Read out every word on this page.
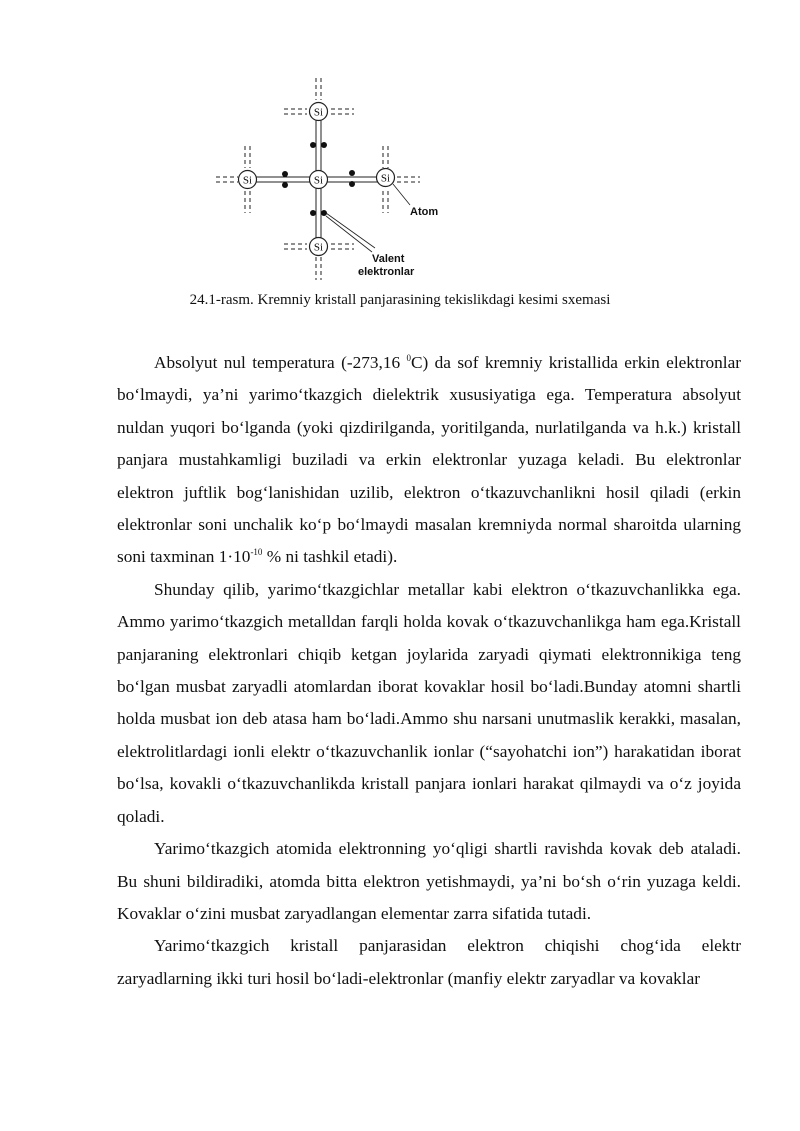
Si
Si	Si	Si
Si
Atom
Valent
elektronlar
24.1-rasm. Kremniy kristall panjarasining tekislikdagi kesimi sxemasi

Absolyut nul temperatura (-273,16 $^0$C) da sof kremniy kristallida erkin elektronlar bo‘lmaydi, ya’ni yarimo‘tkazgich dielektrik xususiyatiga ega. Temperatura absolyut nuldan yuqori bo‘lganda (yoki qizdirilganda, yoritilganda, nurlatilganda va h.k.) kristall panjara mustahkamligi buziladi va erkin elektronlar yuzaga keladi. Bu elektronlar elektron juftlik bog‘lanishidan uzilib, elektron o‘tkazuvchanlikni hosil qiladi (erkin elektronlar soni unchalik ko‘p bo‘lmaydi masalan kremniyda normal sharoitda ularning soni taxminan $1\cdot 10^{-10}$ % ni tashkil etadi).

Shunday qilib, yarimo‘tkazgichlar metallar kabi elektron o‘tkazuvchanlikka ega. Ammo yarimo‘tkazgich metalldan farqli holda kovak o‘tkazuvchanlikga ham ega.Kristall panjaraning elektronlari chiqib ketgan joylarida zaryadi qiymati elektronnikiga teng bo‘lgan musbat zaryadli atomlardan iborat kovaklar hosil bo‘ladi.Bunday atomni shartli holda musbat ion deb atasa ham bo‘ladi.Ammo shu narsani unutmaslik kerakki, masalan, elektrolitlardagi ionli elektr o‘tkazuvchanlik ionlar (“sayohatchi ion”) harakatidan iborat bo‘lsa, kovakli o‘tkazuvchanlikda kristall panjara ionlari harakat qilmaydi va o‘z joyida qoladi.

Yarimo‘tkazgich atomida elektronning yo‘qligi shartli ravishda kovak deb ataladi. Bu shuni bildiradiki, atomda bitta elektron yetishmaydi, ya’ni bo‘sh o‘rin yuzaga keldi. Kovaklar o‘zini musbat zaryadlangan elementar zarra sifatida tutadi.

Yarimo‘tkazgich kristall panjarasidan elektron chiqishi chog‘ida elektr zaryadlarning ikki turi hosil bo‘ladi-elektronlar (manfiy elektr zaryadlar va kovaklar
